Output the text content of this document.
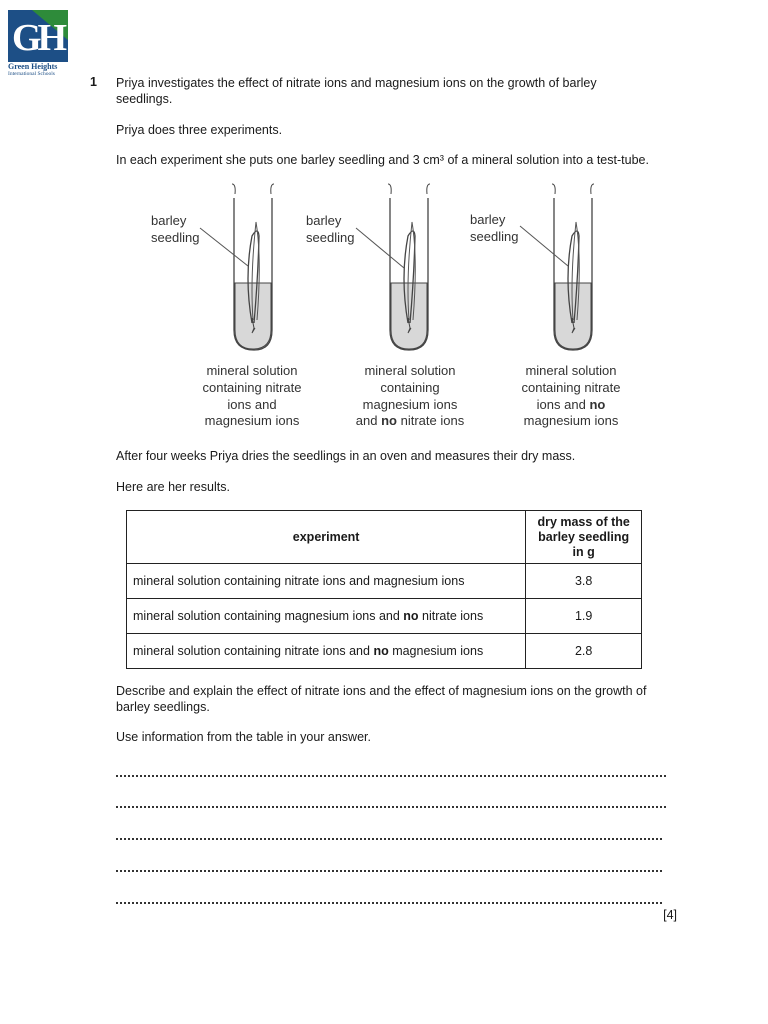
GH
Green Heights
International Schools
1 Priya investigates the effect of nitrate ions and magnesium ions on the growth of barley
seedlings.
Priya does three experiments.
In each experiment she puts one barley seedling and 3 cm³ of a mineral solution into a test-tube.
barley
seedling
barley
seedling
barley
seedling
mineral solution
containing nitrate
ions and
magnesium ions
mineral solution
containing
magnesium ions
and no nitrate ions
mineral solution
containing nitrate
ions and no
magnesium ions
After four weeks Priya dries the seedlings in an oven and measures their dry mass.
Here are her results.
experiment	dry mass of the
barley seedling
in g

mineral solution containing nitrate ions and magnesium ions	3.8
mineral solution containing magnesium ions and no nitrate ions	1.9
mineral solution containing nitrate ions and no magnesium ions	2.8
Describe and explain the effect of nitrate ions and the effect of magnesium ions on the growth of
barley seedlings.
Use information from the table in your answer.
[4]
